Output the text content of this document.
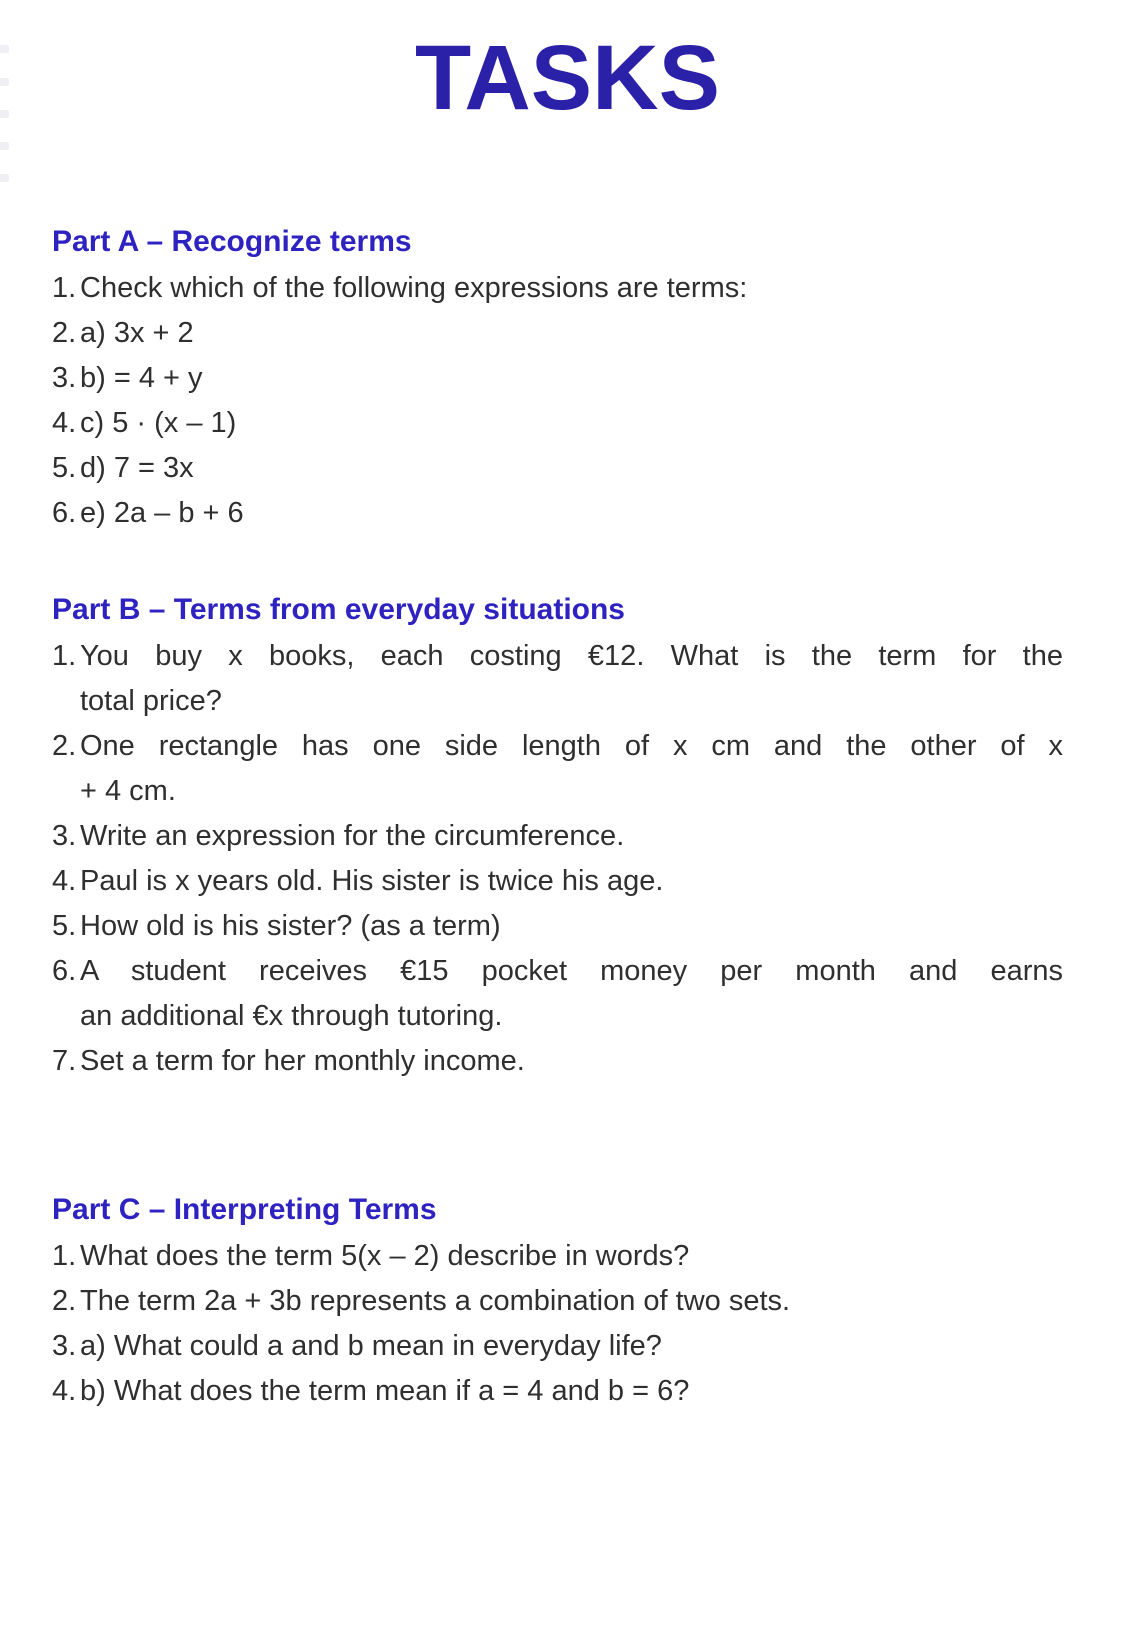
TASKS
Part A – Recognize terms
1. Check which of the following expressions are terms:
2. a) 3x + 2
3. b) = 4 + y
4. c) 5 · (x – 1)
5. d) 7 = 3x
6. e) 2a – b + 6
Part B – Terms from everyday situations
1. You buy x books, each costing €12. What is the term for the
total price?
2. One rectangle has one side length of x cm and the other of x
+ 4 cm.
3. Write an expression for the circumference.
4. Paul is x years old. His sister is twice his age.
5. How old is his sister? (as a term)
6. A student receives €15 pocket money per month and earns
an additional €x through tutoring.
7. Set a term for her monthly income.
Part C – Interpreting Terms
1. What does the term 5(x – 2) describe in words?
2. The term 2a + 3b represents a combination of two sets.
3. a) What could a and b mean in everyday life?
4. b) What does the term mean if a = 4 and b = 6?
